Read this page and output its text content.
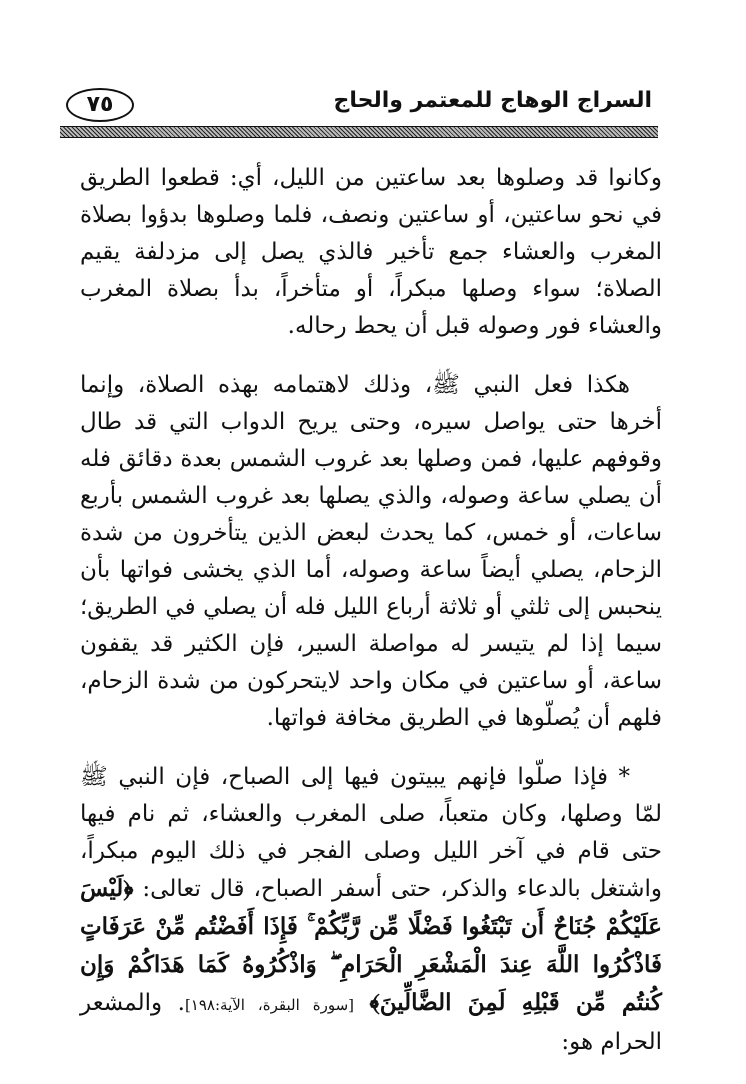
٧٥	السراج الوهاج للمعتمر والحاج

وكانوا قد وصلوها بعد ساعتين من الليل، أي: قطعوا الطريق في نحو ساعتين، أو ساعتين ونصف، فلما وصلوها بدؤوا بصلاة المغرب والعشاء جمع تأخير فالذي يصل إلى مزدلفة يقيم الصلاة؛ سواء وصلها مبكراً، أو متأخراً، بدأ بصلاة المغرب والعشاء فور وصوله قبل أن يحط رحاله.

هكذا فعل النبي ﷺ، وذلك لاهتمامه بهذه الصلاة، وإنما أخرها حتى يواصل سيره، وحتى يريح الدواب التي قد طال وقوفهم عليها، فمن وصلها بعد غروب الشمس بعدة دقائق فله أن يصلي ساعة وصوله، والذي يصلها بعد غروب الشمس بأربع ساعات، أو خمس، كما يحدث لبعض الذين يتأخرون من شدة الزحام، يصلي أيضاً ساعة وصوله، أما الذي يخشى فواتها بأن ينحبس إلى ثلثي أو ثلاثة أرباع الليل فله أن يصلي في الطريق؛ سيما إذا لم يتيسر له مواصلة السير، فإن الكثير قد يقفون ساعة، أو ساعتين في مكان واحد لايتحركون من شدة الزحام، فلهم أن يُصلّوها في الطريق مخافة فواتها.

* فإذا صلّوا فإنهم يبيتون فيها إلى الصباح، فإن النبي ﷺ لمّا وصلها، وكان متعباً، صلى المغرب والعشاء، ثم نام فيها حتى قام في آخر الليل وصلى الفجر في ذلك اليوم مبكراً، واشتغل بالدعاء والذكر، حتى أسفر الصباح، قال تعالى: ﴿لَيْسَ عَلَيْكُمْ جُنَاحٌ أَن تَبْتَغُوا فَضْلًا مِّن رَّبِّكُمْ ۚ فَإِذَا أَفَضْتُم مِّنْ عَرَفَاتٍ فَاذْكُرُوا اللَّهَ عِندَ الْمَشْعَرِ الْحَرَامِ ۖ وَاذْكُرُوهُ كَمَا هَدَاكُمْ وَإِن كُنتُم مِّن قَبْلِهِ لَمِنَ الضَّالِّينَ﴾ [سورة البقرة، الآية:١٩٨]. والمشعر الحرام هو:
